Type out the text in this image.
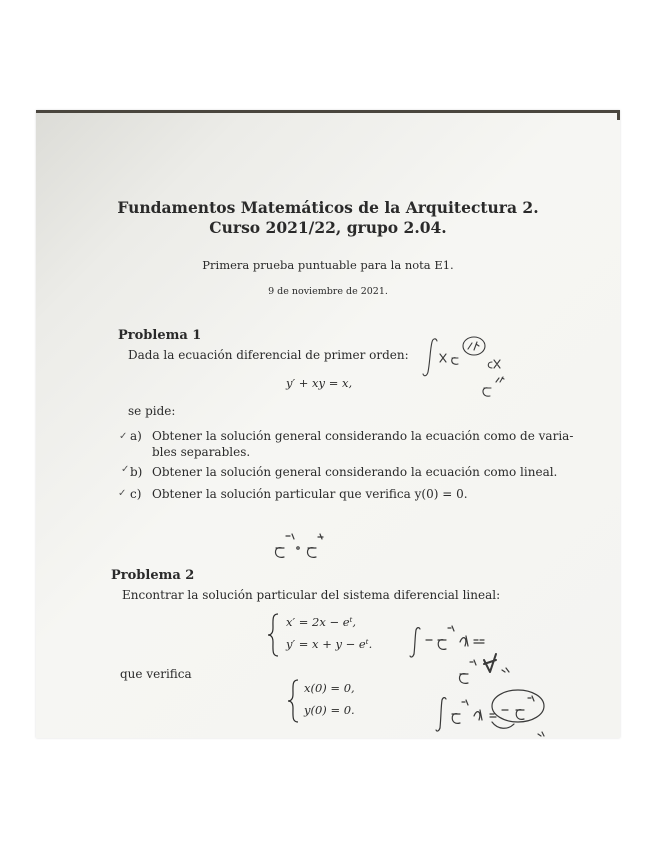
Fundamentos Matemáticos de la Arquitectura 2.
Curso 2021/22, grupo 2.04.
Primera prueba puntuable para la nota E1.
9 de noviembre de 2021.
Problema 1
Dada la ecuación diferencial de primer orden:
y′ + xy = x,
se pide:
✓ a) Obtener la solución general considerando la ecuación como de varia-
bles separables.
✓ b) Obtener la solución general considerando la ecuación como lineal.
✓ c) Obtener la solución particular que verifica y(0) = 0.
Problema 2
Encontrar la solución particular del sistema diferencial lineal:
x′ = 2x − eᵗ,
y′ = x + y − eᵗ.
que verifica
x(0) = 0,
y(0) = 0.
